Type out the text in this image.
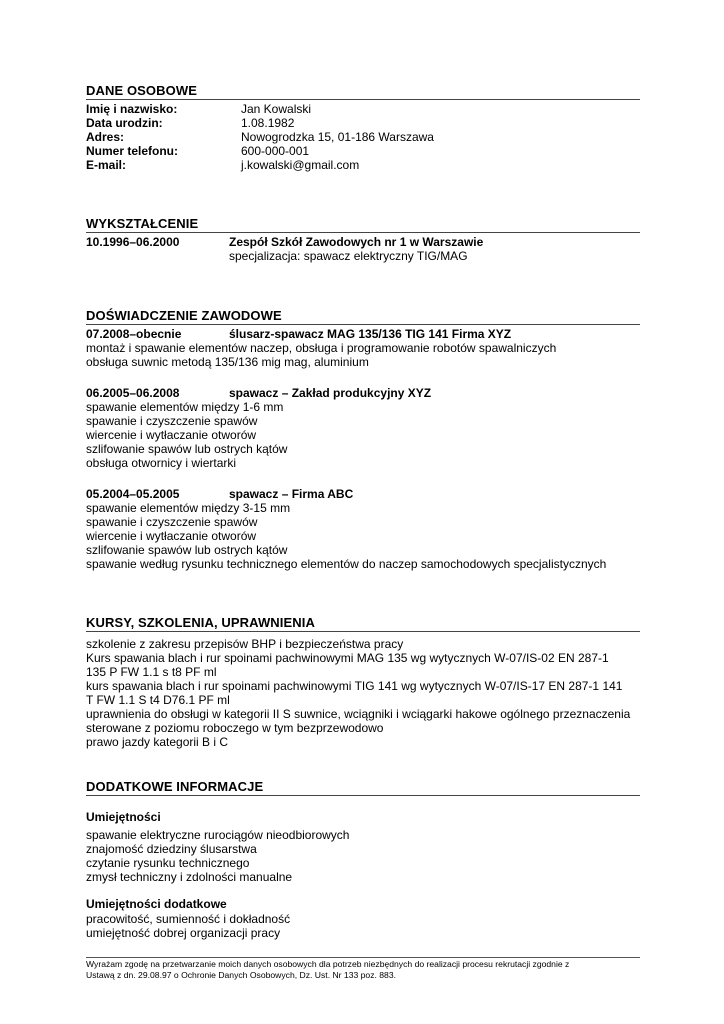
DANE OSOBOWE
Imię i nazwisko:	Jan Kowalski
Data urodzin:	1.08.1982
Adres:	Nowogrodzka 15, 01-186 Warszawa
Numer telefonu:	600-000-001
E-mail:	j.kowalski@gmail.com
WYKSZTAŁCENIE
10.1996–06.2000	Zespół Szkół Zawodowych nr 1 w Warszawie
specjalizacja: spawacz elektryczny TIG/MAG
DOŚWIADCZENIE ZAWODOWE
07.2008–obecnie	ślusarz-spawacz MAG 135/136 TIG 141 Firma XYZ
montaż i spawanie elementów naczep, obsługa i programowanie robotów spawalniczych
obsługa suwnic metodą 135/136 mig mag, aluminium
06.2005–06.2008	spawacz – Zakład produkcyjny XYZ
spawanie elementów między 1-6 mm
spawanie i czyszczenie spawów
wiercenie i wytłaczanie otworów
szlifowanie spawów lub ostrych kątów
obsługa otwornicy i wiertarki
05.2004–05.2005	spawacz – Firma ABC
spawanie elementów między 3-15 mm
spawanie i czyszczenie spawów
wiercenie i wytłaczanie otworów
szlifowanie spawów lub ostrych kątów
spawanie według rysunku technicznego elementów do naczep samochodowych specjalistycznych
KURSY, SZKOLENIA, UPRAWNIENIA
szkolenie z zakresu przepisów BHP i bezpieczeństwa pracy
Kurs spawania blach i rur spoinami pachwinowymi MAG 135 wg wytycznych W-07/IS-02 EN 287-1
135 P FW 1.1 s t8 PF ml
kurs spawania blach i rur spoinami pachwinowymi TIG 141 wg wytycznych W-07/IS-17 EN 287-1 141
T FW 1.1 S t4 D76.1 PF ml
uprawnienia do obsługi w kategorii II S suwnice, wciągniki i wciągarki hakowe ogólnego przeznaczenia
sterowane z poziomu roboczego w tym bezprzewodowo
prawo jazdy kategorii B i C
DODATKOWE INFORMACJE
Umiejętności
spawanie elektryczne rurociągów nieodbiorowych
znajomość dziedziny ślusarstwa
czytanie rysunku technicznego
zmysł techniczny i zdolności manualne
Umiejętności dodatkowe
pracowitość, sumienność i dokładność
umiejętność dobrej organizacji pracy
Wyrażam zgodę na przetwarzanie moich danych osobowych dla potrzeb niezbędnych do realizacji procesu rekrutacji zgodnie z
Ustawą z dn. 29.08.97 o Ochronie Danych Osobowych, Dz. Ust. Nr 133 poz. 883.
